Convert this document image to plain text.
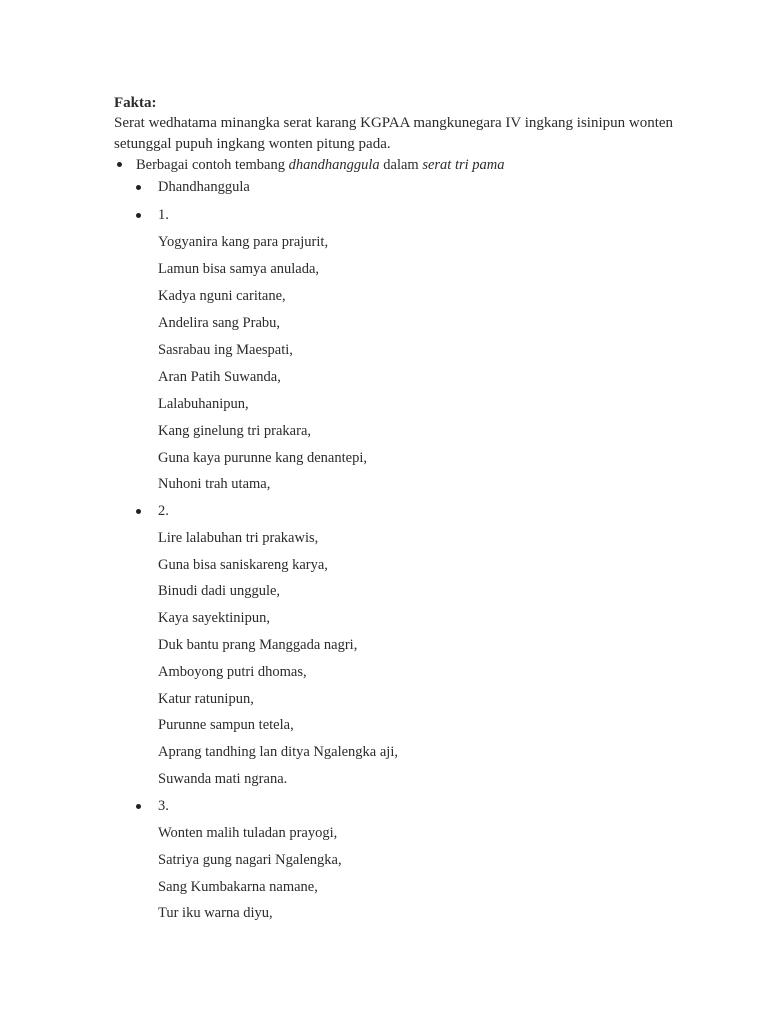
Fakta:

Serat wedhatama minangka serat karang KGPAA mangkunegara IV ingkang isinipun wonten

setunggal pupuh ingkang wonten pitung pada.

Berbagai contoh tembang dhandhanggula dalam serat tri pama
Dhandhanggula
1.
Yogyanira kang para prajurit,
Lamun bisa samya anulada,
Kadya nguni caritane,
Andelira sang Prabu,
Sasrabau ing Maespati,
Aran Patih Suwanda,
Lalabuhanipun,
Kang ginelung tri prakara,
Guna kaya purunne kang denantepi,
Nuhoni trah utama,
2.
Lire lalabuhan tri prakawis,
Guna bisa saniskareng karya,
Binudi dadi unggule,
Kaya sayektinipun,
Duk bantu prang Manggada nagri,
Amboyong putri dhomas,
Katur ratunipun,
Purunne sampun tetela,
Aprang tandhing lan ditya Ngalengka aji,
Suwanda mati ngrana.
3.
Wonten malih tuladan prayogi,
Satriya gung nagari Ngalengka,
Sang Kumbakarna namane,
Tur iku warna diyu,
